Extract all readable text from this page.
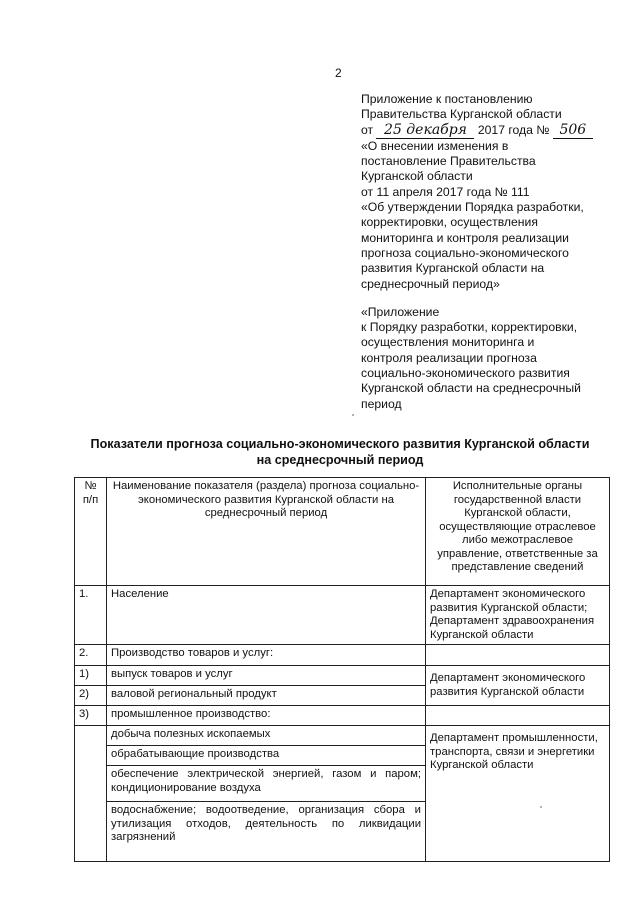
2
Приложение к постановлению
Правительства Курганской области
от 25 декабря 2017 года № 506
«О внесении изменения в
постановление Правительства
Курганской области
от 11 апреля 2017 года № 111
«Об утверждении Порядка разработки,
корректировки, осуществления
мониторинга и контроля реализации
прогноза социально-экономического
развития Курганской области на
среднесрочный период»
«Приложение
к Порядку разработки, корректировки,
осуществления мониторинга и
контроля реализации прогноза
социально-экономического развития
Курганской области на среднесрочный
период
Показатели прогноза социально-экономического развития Курганской области
на среднесрочный период
№ п/п	Наименование показателя (раздела) прогноза социально-экономического развития Курганской области на среднесрочный период	Исполнительные органы государственной власти Курганской области, осуществляющие отраслевое либо межотраслевое управление, ответственные за представление сведений
1.	Население	Департамент экономического развития Курганской области; Департамент здравоохранения Курганской области
2.	Производство товаров и услуг:	
1)	выпуск товаров и услуг	Департамент экономического развития Курганской области
2)	валовой региональный продукт	
3)	промышленное производство:	
	добыча полезных ископаемых	Департамент промышленности, транспорта, связи и энергетики Курганской области
	обрабатывающие производства	
	обеспечение электрической энергией, газом и паром; кондиционирование воздуха	
	водоснабжение; водоотведение, организация сбора и утилизация отходов, деятельность по ликвидации загрязнений	
